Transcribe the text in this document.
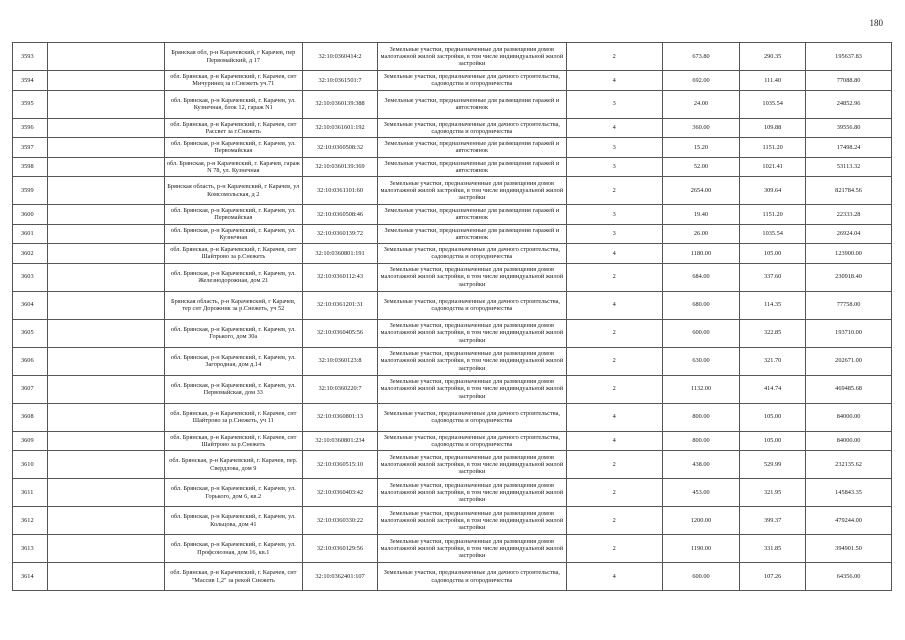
180
3593		Брянская обл, р-н Карачевский, г Карачев, пер Первомайский, д 17	32:10:0360414:2	Земельные участки, предназначенные для размещения домов малоэтажной жилой застройки, в том числе индивидуальной жилой застройки	2	673.80	290.35	195637.83
3594		обл. Брянская, р-н Карачевский, г. Карачев, снт Мичуринец за г.Снежеть уч.71	32:10:0361501:7	Земельные участки, предназначенные для дачного строительства, садоводства и огородничества	4	692.00	111.40	77088.80
3595		обл. Брянская, р-н Карачевский, г. Карачев, ул. Кузнечная, блок 12, гараж N1	32:10:0360139:388	Земельные участки, предназначенные для размещения гаражей и автостоянок	3	24.00	1035.54	24852.96
3596		обл. Брянская, р-н Карачевский, г. Карачев, снт Рассвет за г.Снежеть	32:10:0361601:192	Земельные участки, предназначенные для дачного строительства, садоводства и огородничества	4	360.00	109.88	39556.80
3597		обл. Брянская, р-н Карачевский, г. Карачев, ул. Первомайская	32:10:0360508:32	Земельные участки, предназначенные для размещения гаражей и автостоянок	3	15.20	1151.20	17498.24
3598		обл. Брянская, р-н Карачевский, г. Карачев, гараж N 78, ул. Кузнечная	32:10:0360139:369	Земельные участки, предназначенные для размещения гаражей и автостоянок	3	52.00	1021.41	53113.32
3599		Брянская область, р-н Карачевский, г Карачев, ул Комсомольская, д 2	32:10:0361101:60	Земельные участки, предназначенные для размещения домов малоэтажной жилой застройки, в том числе индивидуальной жилой застройки	2	2654.00	309.64	821784.56
3600		обл. Брянская, р-н Карачевский, г. Карачев, ул. Первомайская	32:10:0360508:46	Земельные участки, предназначенные для размещения гаражей и автостоянок	3	19.40	1151.20	22333.28
3601		обл. Брянская, р-н Карачевский, г. Карачев, ул. Кузнечная	32:10:0360139:72	Земельные участки, предназначенные для размещения гаражей и автостоянок	3	26.00	1035.54	26924.04
3602		обл. Брянская, р-н Карачевский, г. Карачев, снт Шайтрово за р.Снежеть	32:10:0360801:191	Земельные участки, предназначенные для дачного строительства, садоводства и огородничества	4	1180.00	105.00	123900.00
3603		обл. Брянская, р-н Карачевский, г. Карачев, ул. Железнодорожная, дом 21	32:10:0360112:43	Земельные участки, предназначенные для размещения домов малоэтажной жилой застройки, в том числе индивидуальной жилой застройки	2	684.00	337.60	230918.40
3604		Брянская область, р-н Карачевский, г Карачев, тер снт Дорожник за р.Снежеть, уч 52	32:10:0361201:31	Земельные участки, предназначенные для дачного строительства, садоводства и огородничества	4	680.00	114.35	77758.00
3605		обл. Брянская, р-н Карачевский, г. Карачев, ул. Горького, дом 30а	32:10:0360405:56	Земельные участки, предназначенные для размещения домов малоэтажной жилой застройки, в том числе индивидуальной жилой застройки	2	600.00	322.85	193710.00
3606		обл. Брянская, р-н Карачевский, г. Карачев, ул. Загородная, дом д.14	32:10:0360123:8	Земельные участки, предназначенные для размещения домов малоэтажной жилой застройки, в том числе индивидуальной жилой застройки	2	630.00	321.70	202671.00
3607		обл. Брянская, р-н Карачевский, г. Карачев, ул. Первомайская, дом 33	32:10:0360220:7	Земельные участки, предназначенные для размещения домов малоэтажной жилой застройки, в том числе индивидуальной жилой застройки	2	1132.00	414.74	469485.68
3608		обл. Брянская, р-н Карачевский, г. Карачев, снт Шайтрово за р.Снежеть, уч 11	32:10:0360801:13	Земельные участки, предназначенные для дачного строительства, садоводства и огородничества	4	800.00	105.00	84000.00
3609		обл. Брянская, р-н Карачевский, г. Карачев, снт Шайтрово за р.Снежеть	32:10:0360801:234	Земельные участки, предназначенные для дачного строительства, садоводства и огородничества	4	800.00	105.00	84000.00
3610		обл. Брянская, р-н Карачевский, г. Карачев, пер. Свердлова, дом 9	32:10:0360515:10	Земельные участки, предназначенные для размещения домов малоэтажной жилой застройки, в том числе индивидуальной жилой застройки	2	438.00	529.99	232135.62
3611		обл. Брянская, р-н Карачевский, г. Карачев, ул. Горького, дом 6, кв.2	32:10:0360403:42	Земельные участки, предназначенные для размещения домов малоэтажной жилой застройки, в том числе индивидуальной жилой застройки	2	453.00	321.95	145843.35
3612		обл. Брянская, р-н Карачевский, г. Карачев, ул. Кольцова, дом 41	32:10:0360330:22	Земельные участки, предназначенные для размещения домов малоэтажной жилой застройки, в том числе индивидуальной жилой застройки	2	1200.00	399.37	479244.00
3613		обл. Брянская, р-н Карачевский, г. Карачев, ул. Профсоюзная, дом 16, кв.1	32:10:0360129:56	Земельные участки, предназначенные для размещения домов малоэтажной жилой застройки, в том числе индивидуальной жилой застройки	2	1190.00	331.85	394901.50
3614		обл. Брянская, р-н Карачевский, г. Карачев, снт "Массив 1,2" за рекой Снежеть	32:10:0362401:107	Земельные участки, предназначенные для дачного строительства, садоводства и огородничества	4	600.00	107.26	64356.00
